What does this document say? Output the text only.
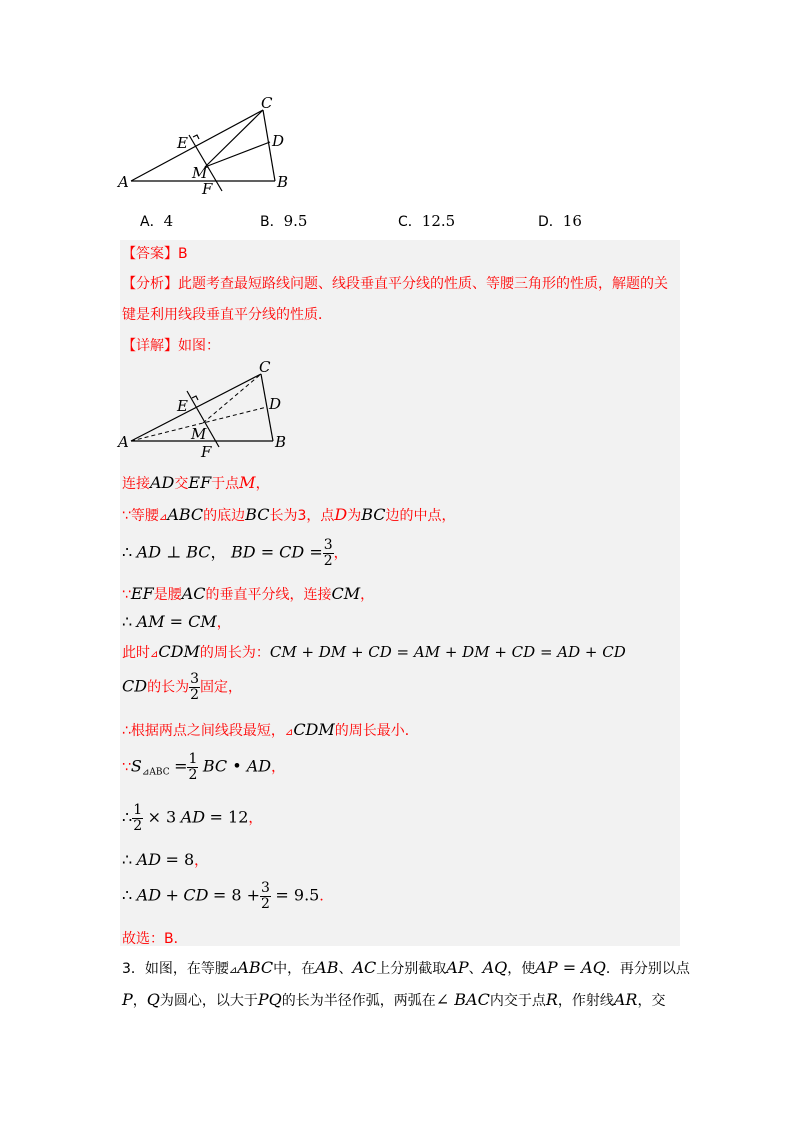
A	B
C
D
E
F
M
A．4	B．9.5	C．12.5	D．16
【答案】B
【分析】此题考查最短路线问题、线段垂直平分线的性质、等腰三角形的性质，解题的关
键是利用线段垂直平分线的性质．
【详解】如图：
A	B
C
D
E
F
M
连接AD交EF于点M，
∵等腰⊿ABC的底边BC长为3，点D为BC边的中点，
∴ AD ⊥ BC， BD = CD = $\frac{3}{2}$ ，
∵EF是腰AC的垂直平分线，连接CM，
∴ AM = CM，
此时⊿CDM的周长为：CM + DM + CD = AM + DM + CD = AD + CD
CD的长为 $\frac{3}{2}$ 固定，
∴根据两点之间线段最短，⊿CDM的周长最小．
$\because S_{⊿ABC} = \frac{1}{2}$ BC • AD，
∴ $\frac{1}{2} \times 3$ AD = 12，
∴ AD = 8，
∴ AD + CD = $8 + \frac{3}{2} = 9.5$．
故选：B．
3．如图，在等腰⊿ABC中，在AB、AC上分别截取AP、AQ，使AP = AQ．再分别以点
P，Q为圆心，以大于PQ的长为半径作弧，两弧在∠ BAC内交于点R，作射线AR，交
